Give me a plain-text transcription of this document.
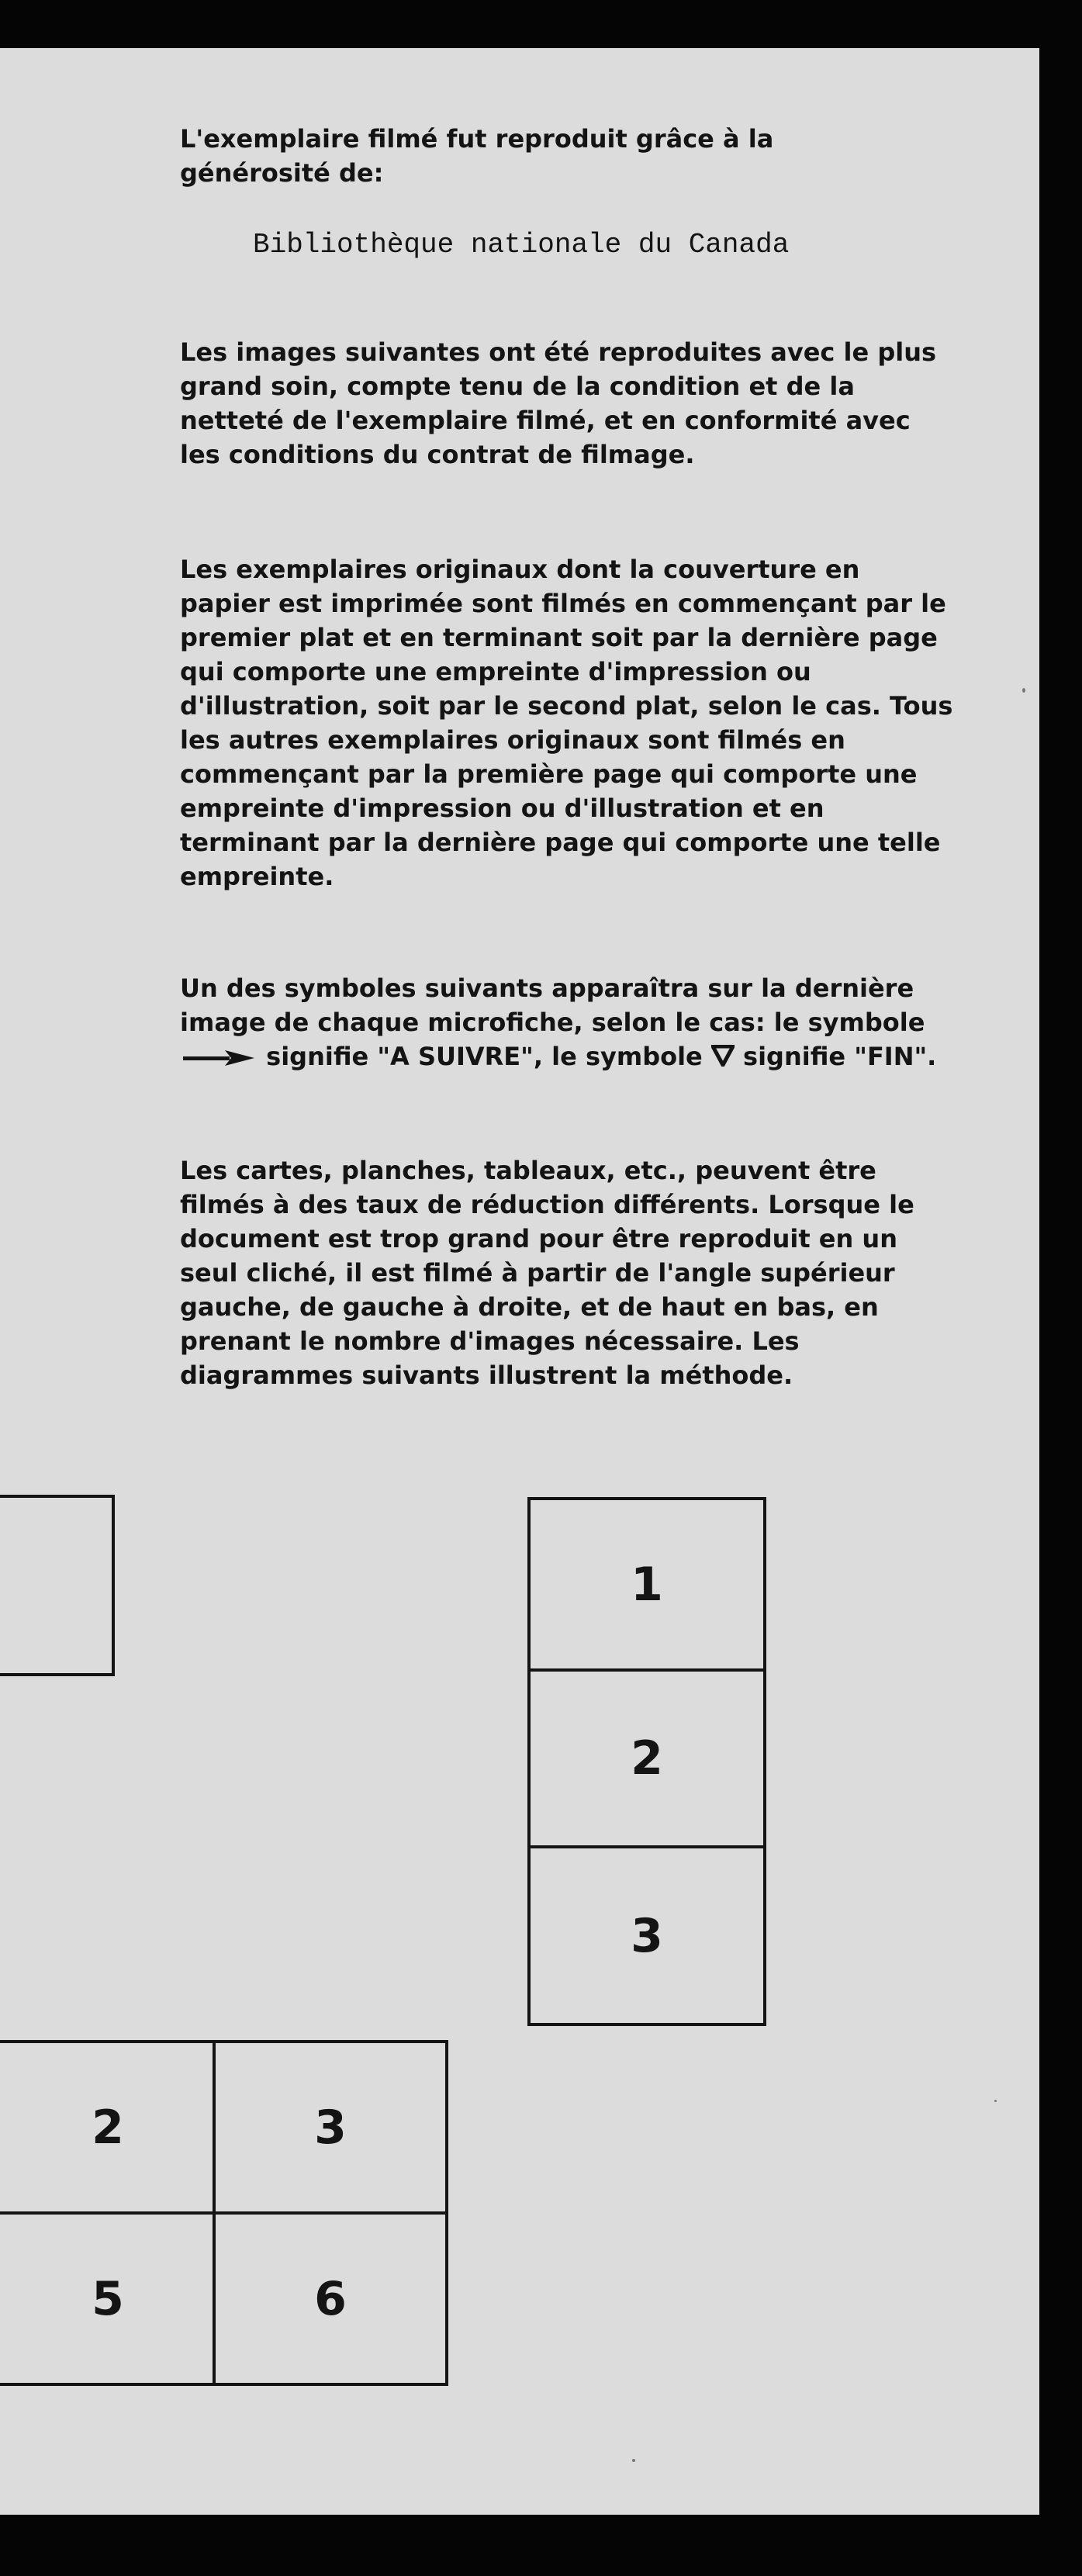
L'exemplaire filmé fut reproduit grâce à la générosité de:

Bibliothèque nationale du Canada

Les images suivantes ont été reproduites avec le plus grand soin, compte tenu de la condition et de la netteté de l'exemplaire filmé, et en conformité avec les conditions du contrat de filmage.

Les exemplaires originaux dont la couverture en papier est imprimée sont filmés en commençant par le premier plat et en terminant soit par la dernière page qui comporte une empreinte d'impression ou d'illustration, soit par le second plat, selon le cas. Tous les autres exemplaires originaux sont filmés en commençant par la première page qui comporte une empreinte d'impression ou d'illustration et en terminant par la dernière page qui comporte une telle empreinte.

Un des symboles suivants apparaîtra sur la dernière image de chaque microfiche, selon le cas: le symbole  signifie "A SUIVRE", le symbole signifie "FIN".

Les cartes, planches, tableaux, etc., peuvent être filmés à des taux de réduction différents. Lorsque le document est trop grand pour être reproduit en un seul cliché, il est filmé à partir de l'angle supérieur gauche, de gauche à droite, et de haut en bas, en prenant le nombre d'images nécessaire. Les diagrammes suivants illustrent la méthode.

1
2
3
2	3
5	6
